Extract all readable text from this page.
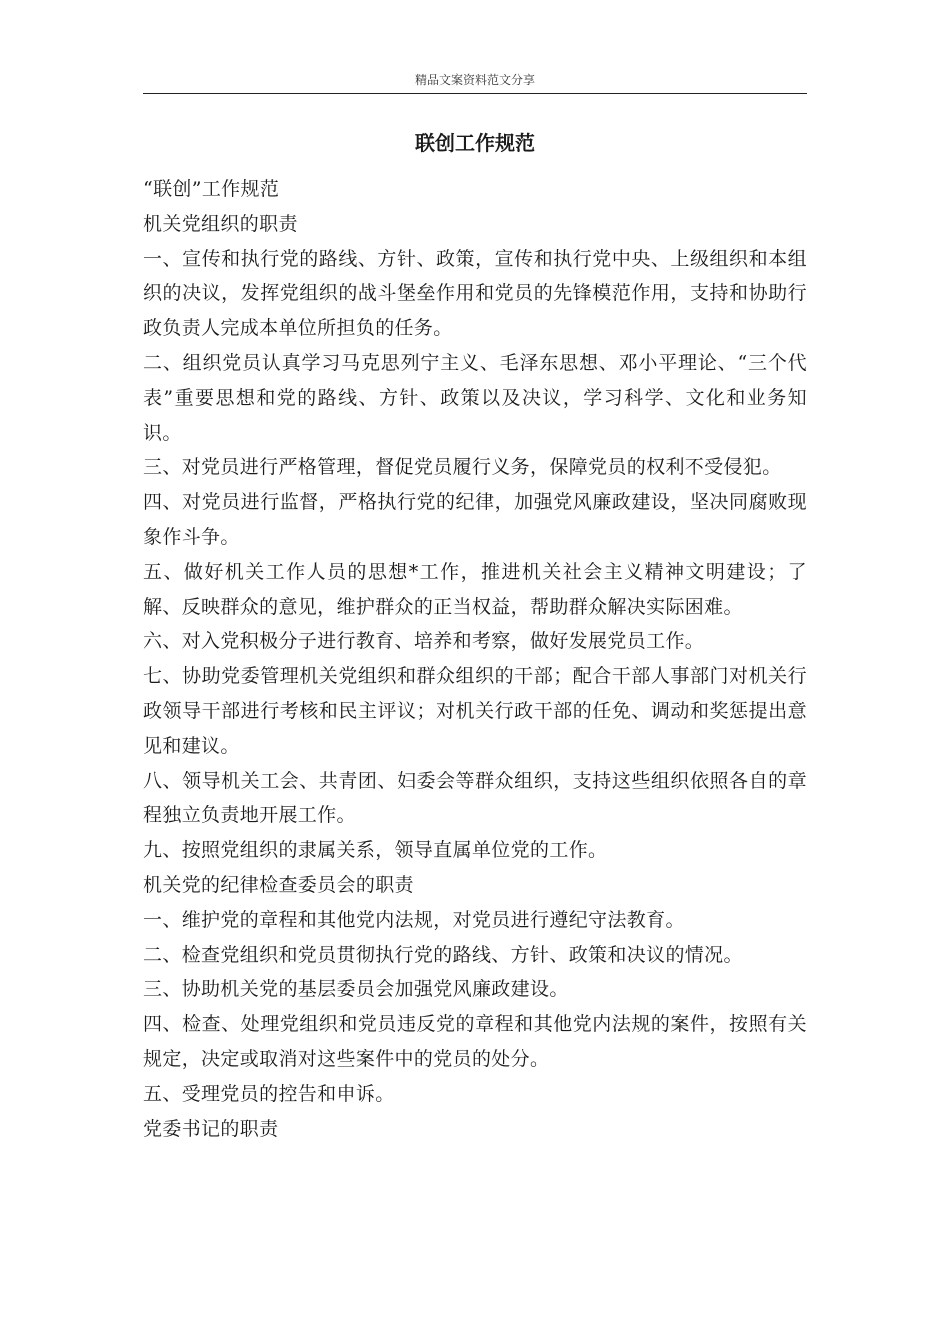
精品文案资料范文分享
联创工作规范

“联创”工作规范

机关党组织的职责

一、宣传和执行党的路线、方针、政策，宣传和执行党中央、上级组织和本组织的决议，发挥党组织的战斗堡垒作用和党员的先锋模范作用，支持和协助行政负责人完成本单位所担负的任务。

二、组织党员认真学习马克思列宁主义、毛泽东思想、邓小平理论、“三个代表”重要思想和党的路线、方针、政策以及决议，学习科学、文化和业务知识。

三、对党员进行严格管理，督促党员履行义务，保障党员的权利不受侵犯。

四、对党员进行监督，严格执行党的纪律，加强党风廉政建设，坚决同腐败现象作斗争。

五、做好机关工作人员的思想*工作，推进机关社会主义精神文明建设；了解、反映群众的意见，维护群众的正当权益，帮助群众解决实际困难。

六、对入党积极分子进行教育、培养和考察，做好发展党员工作。

七、协助党委管理机关党组织和群众组织的干部；配合干部人事部门对机关行政领导干部进行考核和民主评议；对机关行政干部的任免、调动和奖惩提出意见和建议。

八、领导机关工会、共青团、妇委会等群众组织，支持这些组织依照各自的章程独立负责地开展工作。

九、按照党组织的隶属关系，领导直属单位党的工作。

机关党的纪律检查委员会的职责

一、维护党的章程和其他党内法规，对党员进行遵纪守法教育。

二、检查党组织和党员贯彻执行党的路线、方针、政策和决议的情况。

三、协助机关党的基层委员会加强党风廉政建设。

四、检查、处理党组织和党员违反党的章程和其他党内法规的案件，按照有关规定，决定或取消对这些案件中的党员的处分。

五、受理党员的控告和申诉。

党委书记的职责
